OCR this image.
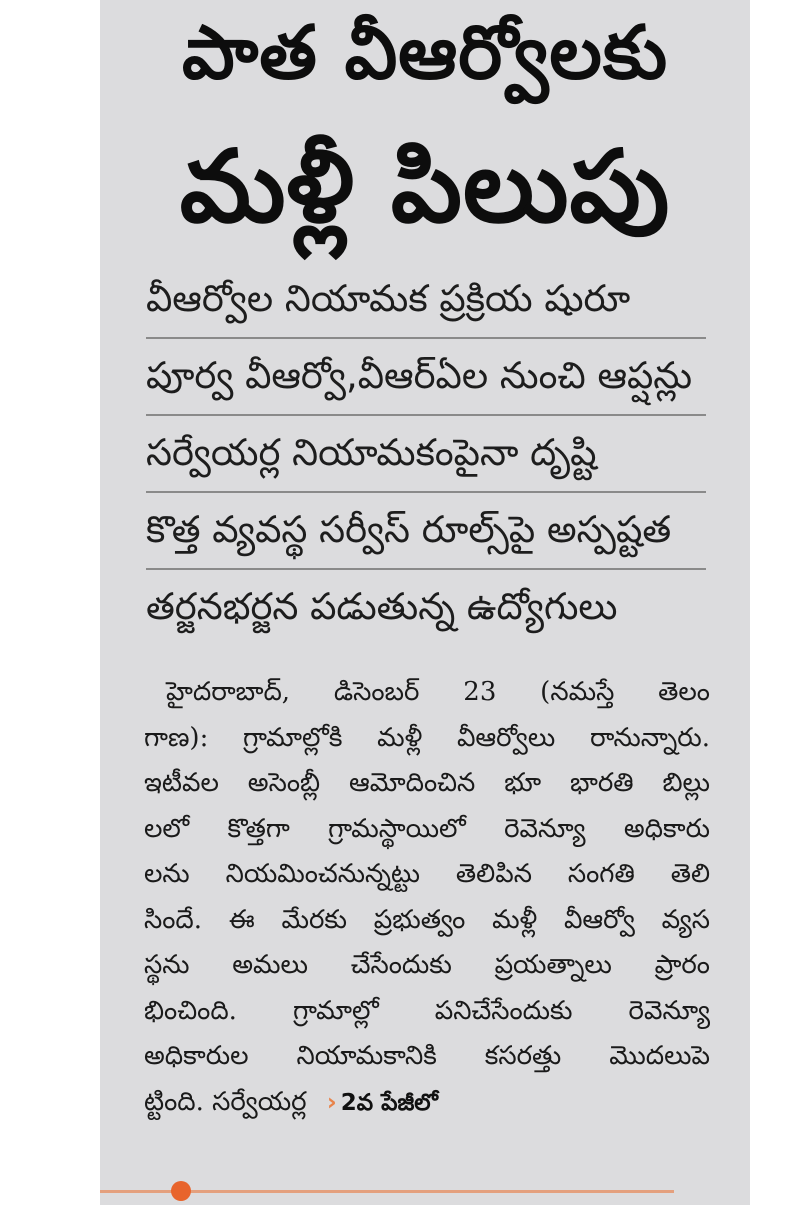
పాత వీఆర్వోలకు
మళ్లీ పిలుపు
వీఆర్వోల నియామక ప్రక్రియ షురూ
పూర్వ వీఆర్వో,వీఆర్ఏల నుంచి ఆప్షన్లు
సర్వేయర్ల నియామకంపైనా దృష్టి
కొత్త వ్యవస్థ సర్వీస్ రూల్స్‌పై అస్పష్టత
తర్జనభర్జన పడుతున్న ఉద్యోగులు
హైదరాబాద్, డిసెంబర్ 23 (నమస్తే తెలం
గాణ): గ్రామాల్లోకి మళ్లీ వీఆర్వోలు రానున్నారు.
ఇటీవల అసెంబ్లీ ఆమోదించిన భూ భారతి బిల్లు
లలో కొత్తగా గ్రామస్థాయిలో రెవెన్యూ అధికారు
లను నియమించనున్నట్టు తెలిపిన సంగతి తెలి
సిందే. ఈ మేరకు ప్రభుత్వం మళ్లీ వీఆర్వో వ్యస
స్థను అమలు చేసేందుకు ప్రయత్నాలు ప్రారం
భించింది. గ్రామాల్లో పనిచేసేందుకు రెవెన్యూ
అధికారుల నియామకానికి కసరత్తు మొదలుపె
ట్టింది. సర్వేయర్ల › 2వ పేజీలో
